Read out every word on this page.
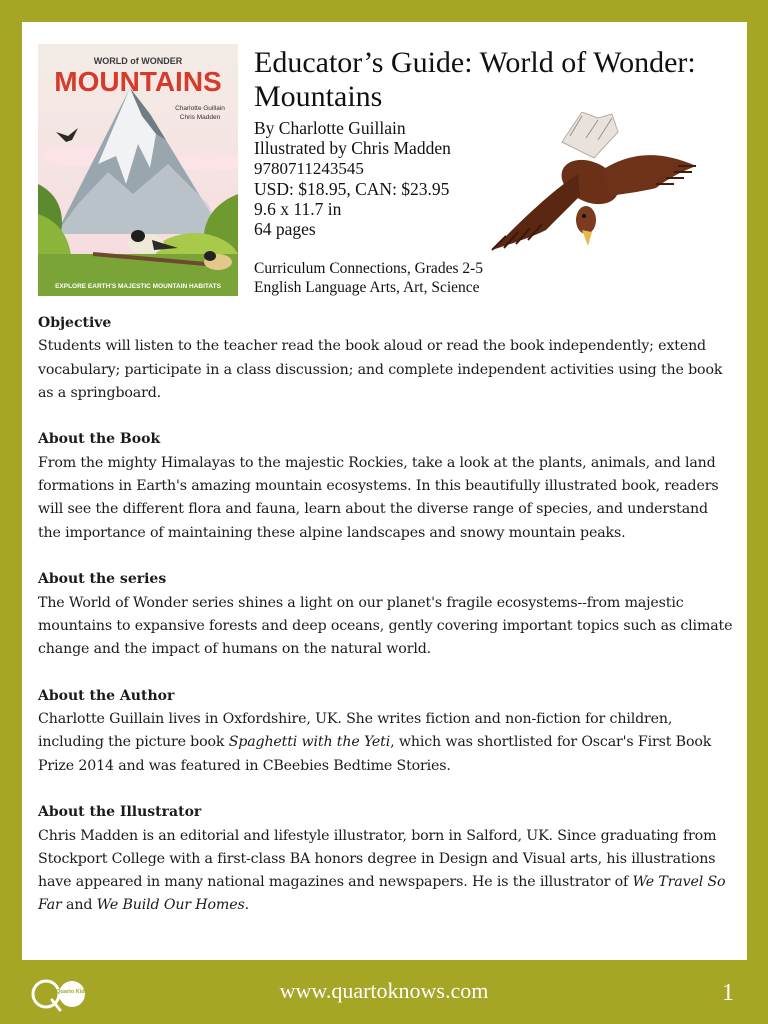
WORLD of WONDER
MOUNTAINS
Charlotte Guillain
Chris Madden
EXPLORE EARTH'S MAJESTIC MOUNTAIN HABITATS
Educator’s Guide: World of Wonder: Mountains
By Charlotte Guillain
Illustrated by Chris Madden
9780711243545
USD: $18.95, CAN: $23.95
9.6 x 11.7 in
64 pages
Curriculum Connections, Grades 2-5
English Language Arts, Art, Science
Objective

Students will listen to the teacher read the book aloud or read the book independently; extend vocabulary; participate in a class discussion; and complete independent activities using the book as a springboard.

About the Book

From the mighty Himalayas to the majestic Rockies, take a look at the plants, animals, and land formations in Earth's amazing mountain ecosystems. In this beautifully illustrated book, readers will see the different flora and fauna, learn about the diverse range of species, and understand the importance of maintaining these alpine landscapes and snowy mountain peaks.

About the series

The World of Wonder series shines a light on our planet's fragile ecosystems--from majestic mountains to expansive forests and deep oceans, gently covering important topics such as climate change and the impact of humans on the natural world.

About the Author

Charlotte Guillain lives in Oxfordshire, UK. She writes fiction and non-fiction for children, including the picture book Spaghetti with the Yeti, which was shortlisted for Oscar's First Book Prize 2014 and was featured in CBeebies Bedtime Stories.

About the Illustrator

Chris Madden is an editorial and lifestyle illustrator, born in Salford, UK. Since graduating from Stockport College with a first-class BA honors degree in Design and Visual arts, his illustrations have appeared in many national magazines and newspapers. He is the illustrator of We Travel So Far and We Build Our Homes.

Quarto Kids	www.quartoknows.com	1
